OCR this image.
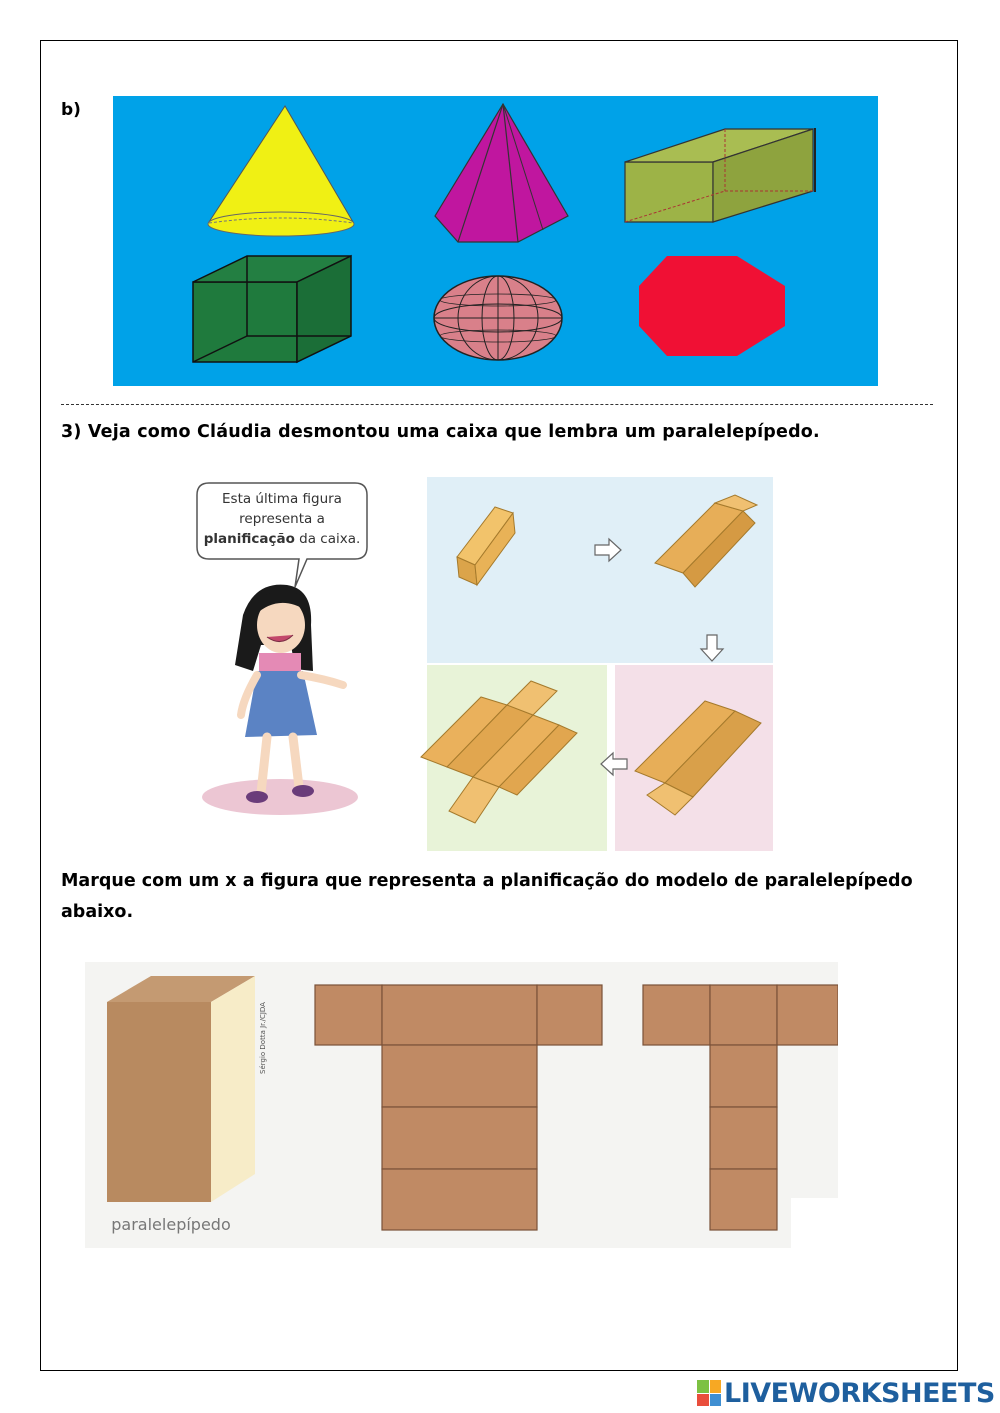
b)
3) Veja como Cláudia desmontou uma caixa que lembra um paralelepípedo.
Esta última figura
representa a
planificação da caixa.
Marque com um x a figura que representa a planificação do modelo de paralelepípedo abaixo.
paralelepípedo
Sérgio Dotta Jr./CJDA
LIVEWORKSHEETS
